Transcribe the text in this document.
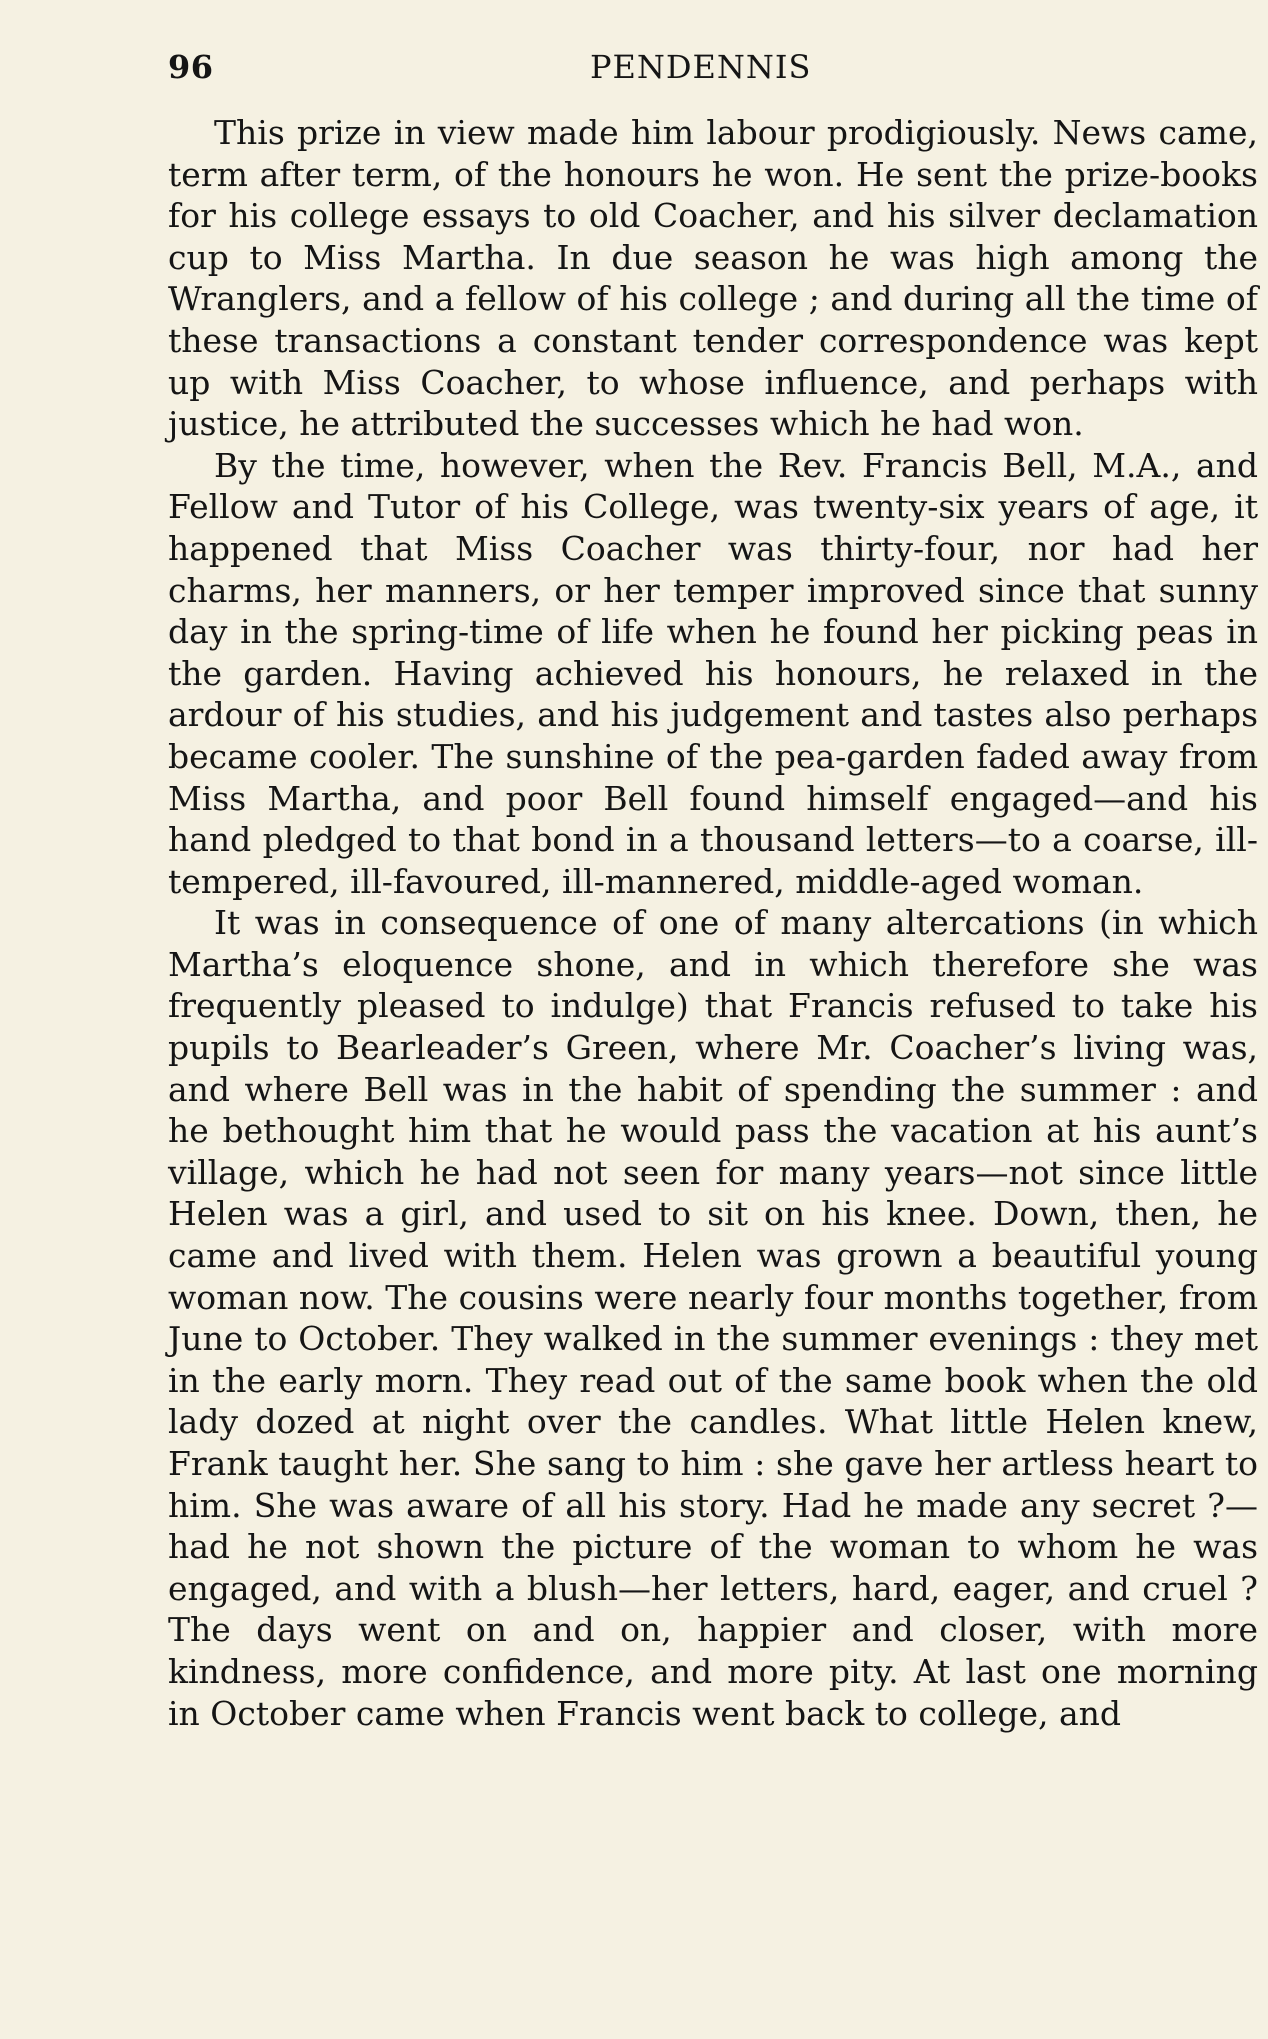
96	PENDENNIS

This prize in view made him labour prodigiously. News came, term after term, of the honours he won. He sent the prize-books for his college essays to old Coacher, and his silver declamation cup to Miss Martha. In due season he was high among the Wranglers, and a fellow of his college ; and during all the time of these transactions a constant tender correspondence was kept up with Miss Coacher, to whose influence, and perhaps with justice, he attributed the successes which he had won.

By the time, however, when the Rev. Francis Bell, M.A., and Fellow and Tutor of his College, was twenty-six years of age, it happened that Miss Coacher was thirty-four, nor had her charms, her manners, or her temper improved since that sunny day in the spring-time of life when he found her picking peas in the garden. Having achieved his honours, he relaxed in the ardour of his studies, and his judgement and tastes also perhaps became cooler. The sunshine of the pea-garden faded away from Miss Martha, and poor Bell found himself engaged—and his hand pledged to that bond in a thousand letters—to a coarse, ill-tempered, ill-favoured, ill-mannered, middle-aged woman.

It was in consequence of one of many altercations (in which Martha’s eloquence shone, and in which therefore she was frequently pleased to indulge) that Francis refused to take his pupils to Bearleader’s Green, where Mr. Coacher’s living was, and where Bell was in the habit of spending the summer : and he bethought him that he would pass the vacation at his aunt’s village, which he had not seen for many years—not since little Helen was a girl, and used to sit on his knee. Down, then, he came and lived with them. Helen was grown a beautiful young woman now. The cousins were nearly four months together, from June to October. They walked in the summer evenings : they met in the early morn. They read out of the same book when the old lady dozed at night over the candles. What little Helen knew, Frank taught her. She sang to him : she gave her artless heart to him. She was aware of all his story. Had he made any secret ?—had he not shown the picture of the woman to whom he was engaged, and with a blush—her letters, hard, eager, and cruel ? The days went on and on, happier and closer, with more kindness, more confidence, and more pity. At last one morning in October came when Francis went back to college, and
